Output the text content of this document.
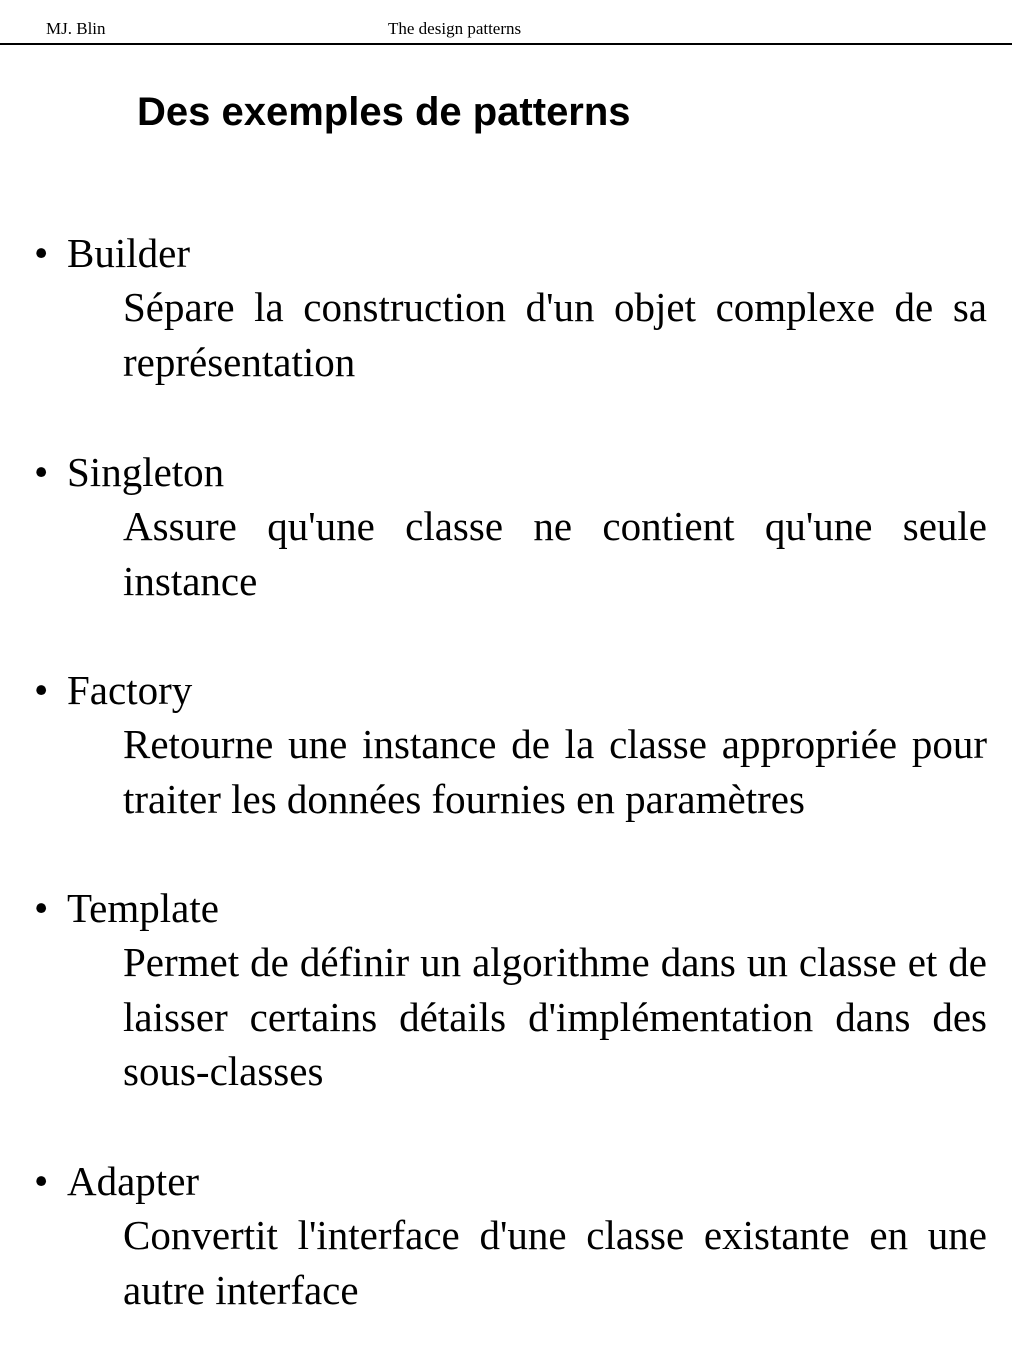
MJ. Blin	The design patterns
Des exemples de patterns
• Builder

Sépare la construction d'un objet complexe de sa représentation

• Singleton

Assure qu'une classe ne contient qu'une seule instance

• Factory

Retourne une instance de la classe appropriée pour traiter les données fournies en paramètres

• Template

Permet de définir un algorithme dans un classe et de laisser certains détails d'implémentation dans des sous-classes

• Adapter

Convertit l'interface d'une classe existante en une autre interface
